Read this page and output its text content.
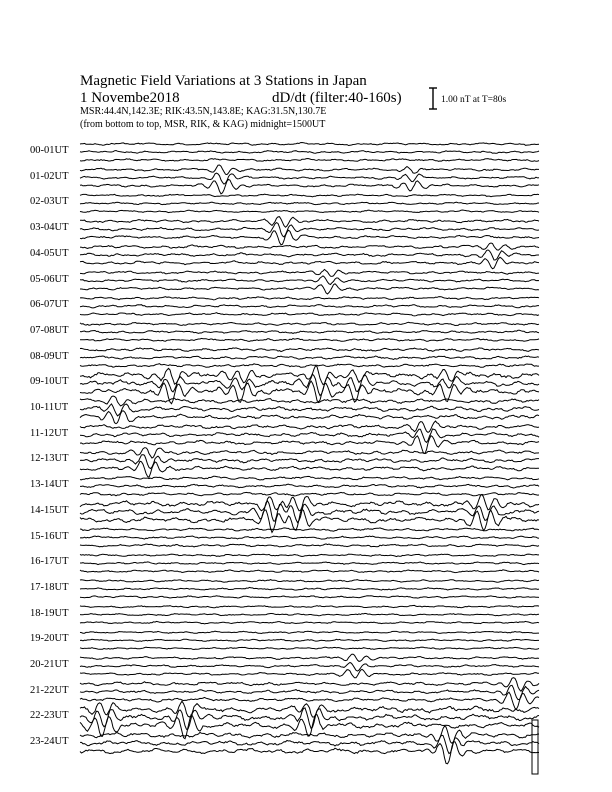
Magnetic Field Variations at 3 Stations in Japan
1 Novembe2018	dD/dt (filter:40-160s)
MSR:44.4N,142.3E; RIK:43.5N,143.8E; KAG:31.5N,130.7E
(from bottom to top, MSR, RIK, & KAG) midnight=1500UT
1.00 nT at T=80s
00-01UT
01-02UT
02-03UT
03-04UT
04-05UT
05-06UT
06-07UT
07-08UT
08-09UT
09-10UT
10-11UT
11-12UT
12-13UT
13-14UT
14-15UT
15-16UT
16-17UT
17-18UT
18-19UT
19-20UT
20-21UT
21-22UT
22-23UT
23-24UT
